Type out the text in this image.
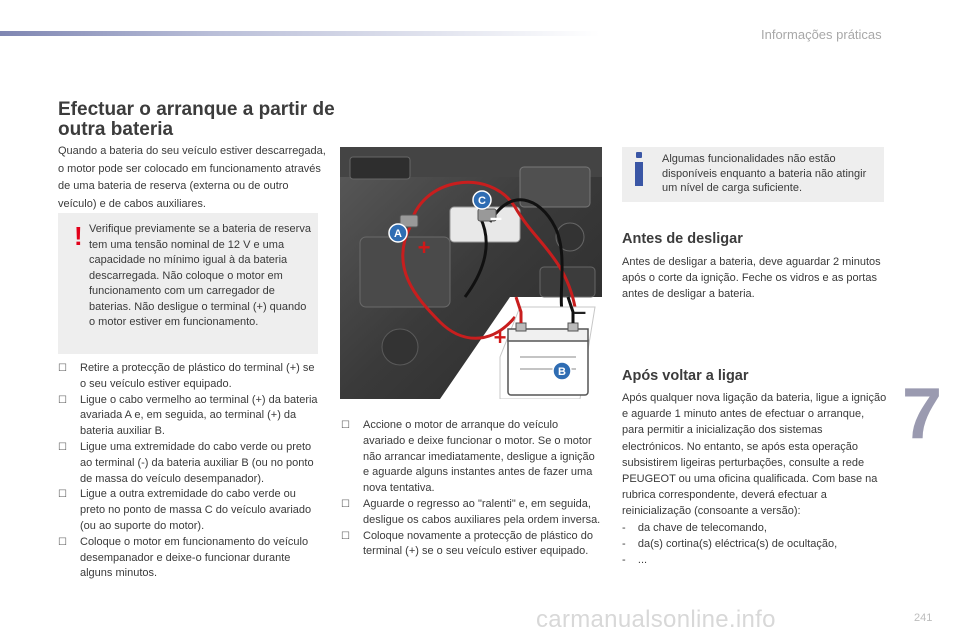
Informações práticas
Efectuar o arranque a partir de outra bateria
Quando a bateria do seu veículo estiver descarregada, o motor pode ser colocado em funcionamento através de uma bateria de reserva (externa ou de outro veículo) e de cabos auxiliares.
! Verifique previamente se a bateria de reserva tem uma tensão nominal de 12 V e uma capacidade no mínimo igual à da bateria descarregada. Não coloque o motor em funcionamento com um carregador de baterias. Não desligue o terminal (+) quando o motor estiver em funcionamento.
☐ Retire a protecção de plástico do terminal (+) se o seu veículo estiver equipado.
☐ Ligue o cabo vermelho ao terminal (+) da bateria avariada A e, em seguida, ao terminal (+) da bateria auxiliar B.
☐ Ligue uma extremidade do cabo verde ou preto ao terminal (-) da bateria auxiliar B (ou no ponto de massa do veículo desempanador).
☐ Ligue a outra extremidade do cabo verde ou preto no ponto de massa C do veículo avariado (ou ao suporte do motor).
☐ Coloque o motor em funcionamento do veículo desempanador e deixe-o funcionar durante alguns minutos.
A
C
B
+
–
+
–
☐ Accione o motor de arranque do veículo avariado e deixe funcionar o motor. Se o motor não arrancar imediatamente, desligue a ignição e aguarde alguns instantes antes de fazer uma nova tentativa.
☐ Aguarde o regresso ao "ralenti" e, em seguida, desligue os cabos auxiliares pela ordem inversa.
☐ Coloque novamente a protecção de plástico do terminal (+) se o seu veículo estiver equipado.
Algumas funcionalidades não estão disponíveis enquanto a bateria não atingir um nível de carga suficiente.
Antes de desligar
Antes de desligar a bateria, deve aguardar 2 minutos após o corte da ignição. Feche os vidros e as portas antes de desligar a bateria.
Após voltar a ligar
Após qualquer nova ligação da bateria, ligue a ignição e aguarde 1 minuto antes de efectuar o arranque, para permitir a inicialização dos sistemas electrónicos. No entanto, se após esta operação subsistirem ligeiras perturbações, consulte a rede PEUGEOT ou uma oficina qualificada. Com base na rubrica correspondente, deverá efectuar a reinicialização (consoante a versão):
-    da chave de telecomando,
-    da(s) cortina(s) eléctrica(s) de ocultação,
-    ...
7
241
carmanualsonline.info
